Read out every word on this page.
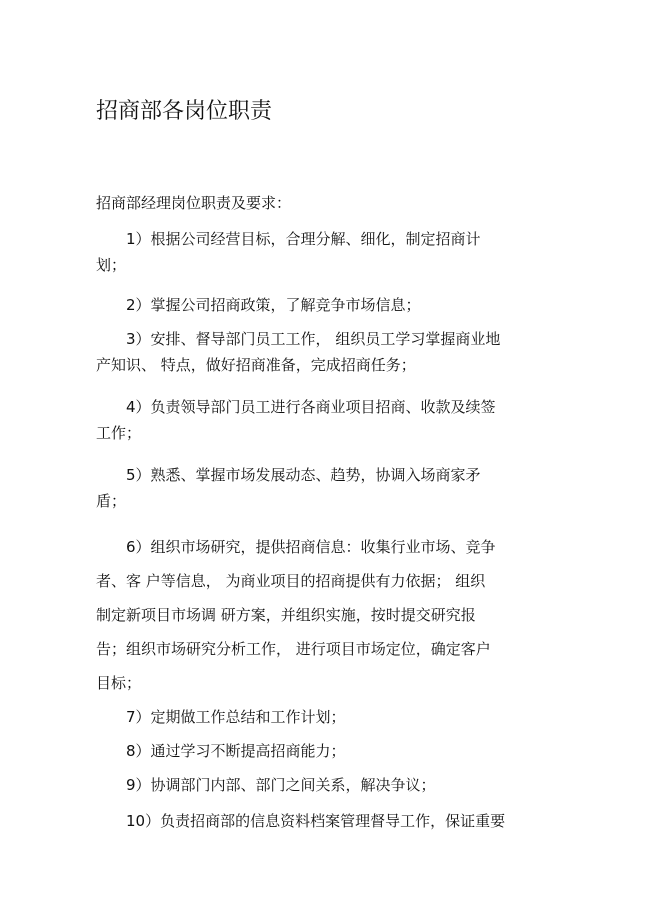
招商部各岗位职责
招商部经理岗位职责及要求：
1）根据公司经营目标，合理分解、细化，制定招商计
划；
2）掌握公司招商政策，了解竞争市场信息；
3）安排、督导部门员工工作， 组织员工学习掌握商业地
产知识、 特点，做好招商准备，完成招商任务；
4）负责领导部门员工进行各商业项目招商、收款及续签
工作；
5）熟悉、掌握市场发展动态、趋势，协调入场商家矛
盾；
6）组织市场研究，提供招商信息：收集行业市场、竞争
者、客 户等信息， 为商业项目的招商提供有力依据； 组织
制定新项目市场调 研方案，并组织实施，按时提交研究报
告；组织市场研究分析工作， 进行项目市场定位，确定客户
目标；
7）定期做工作总结和工作计划；
8）通过学习不断提高招商能力；
9）协调部门内部、部门之间关系，解决争议；
10）负责招商部的信息资料档案管理督导工作，保证重要
